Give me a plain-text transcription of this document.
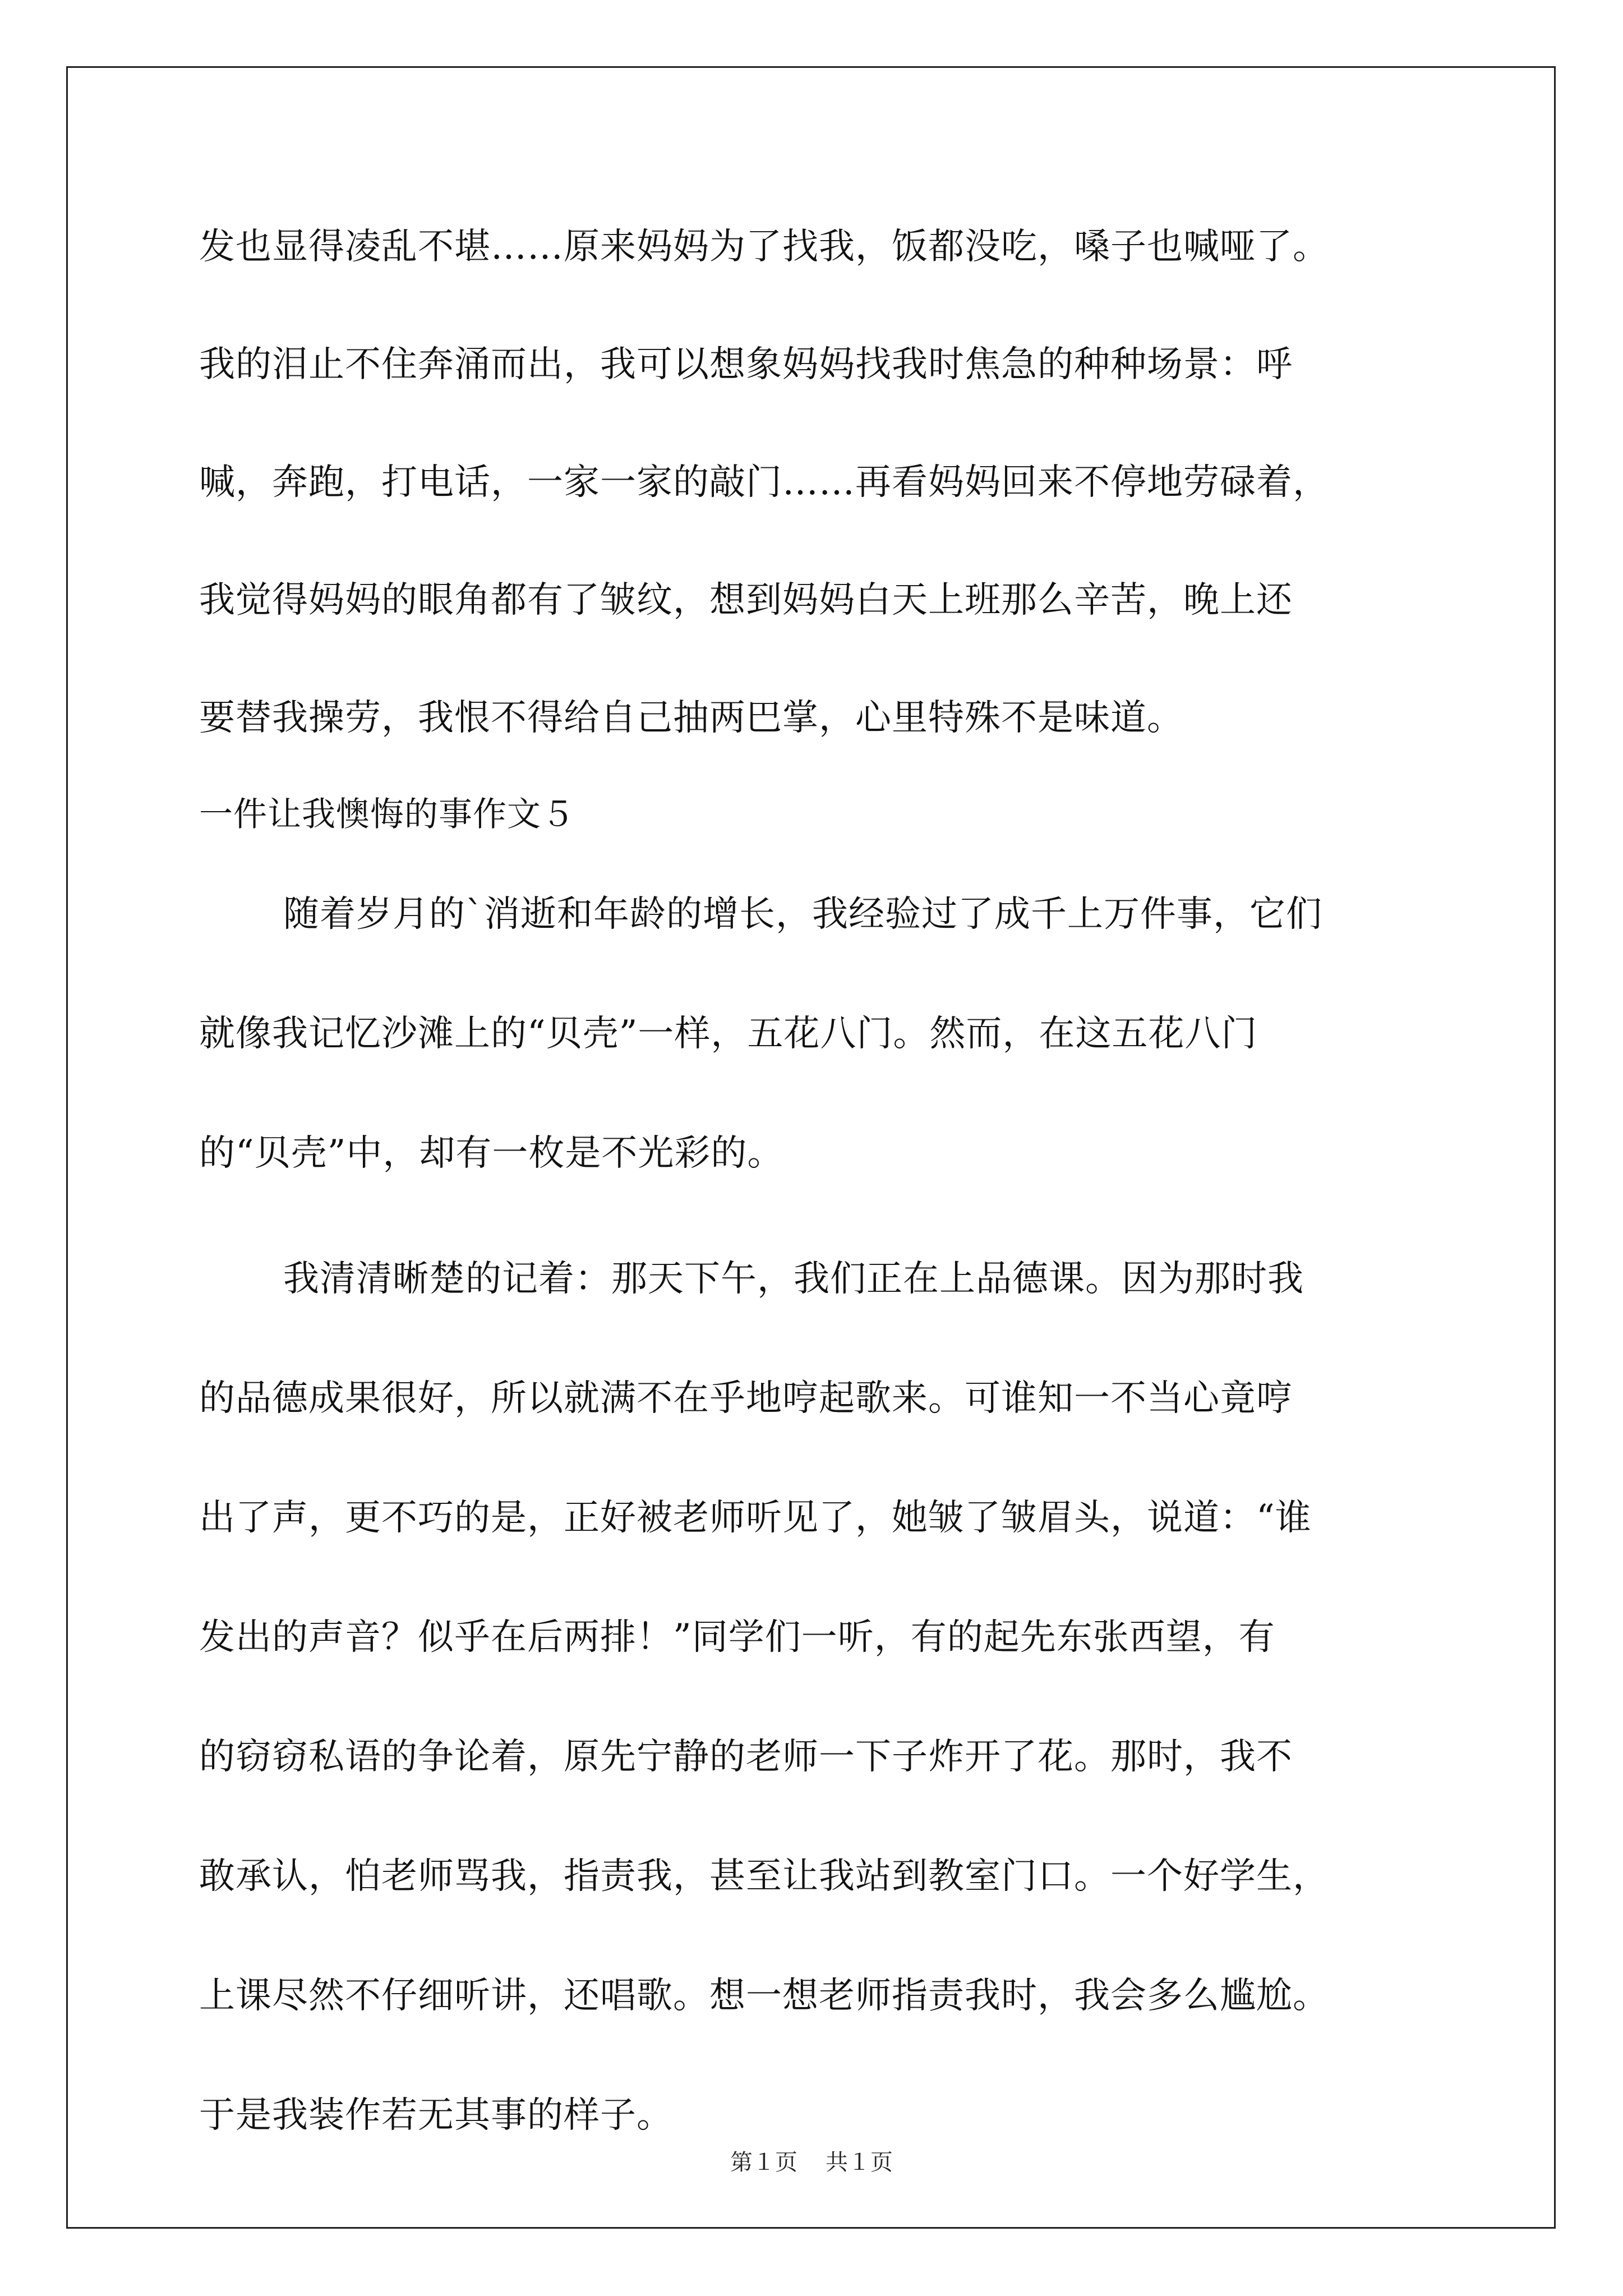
发也显得凌乱不堪……原来妈妈为了找我，饭都没吃，嗓子也喊哑了。
我的泪止不住奔涌而出，我可以想象妈妈找我时焦急的种种场景：呼
喊，奔跑，打电话，一家一家的敲门……再看妈妈回来不停地劳碌着，
我觉得妈妈的眼角都有了皱纹，想到妈妈白天上班那么辛苦，晚上还
要替我操劳，我恨不得给自己抽两巴掌，心里特殊不是味道。
一件让我懊悔的事作文５
随着岁月的`消逝和年龄的增长，我经验过了成千上万件事，它们
就像我记忆沙滩上的“贝壳”一样，五花八门。然而，在这五花八门
的“贝壳”中，却有一枚是不光彩的。
我清清晰楚的记着：那天下午，我们正在上品德课。因为那时我
的品德成果很好，所以就满不在乎地哼起歌来。可谁知一不当心竟哼
出了声，更不巧的是，正好被老师听见了，她皱了皱眉头，说道：“谁
发出的声音？似乎在后两排！”同学们一听，有的起先东张西望，有
的窃窃私语的争论着，原先宁静的老师一下子炸开了花。那时，我不
敢承认，怕老师骂我，指责我，甚至让我站到教室门口。一个好学生，
上课尽然不仔细听讲，还唱歌。想一想老师指责我时，我会多么尴尬。
于是我装作若无其事的样子。
第１页 共１页
